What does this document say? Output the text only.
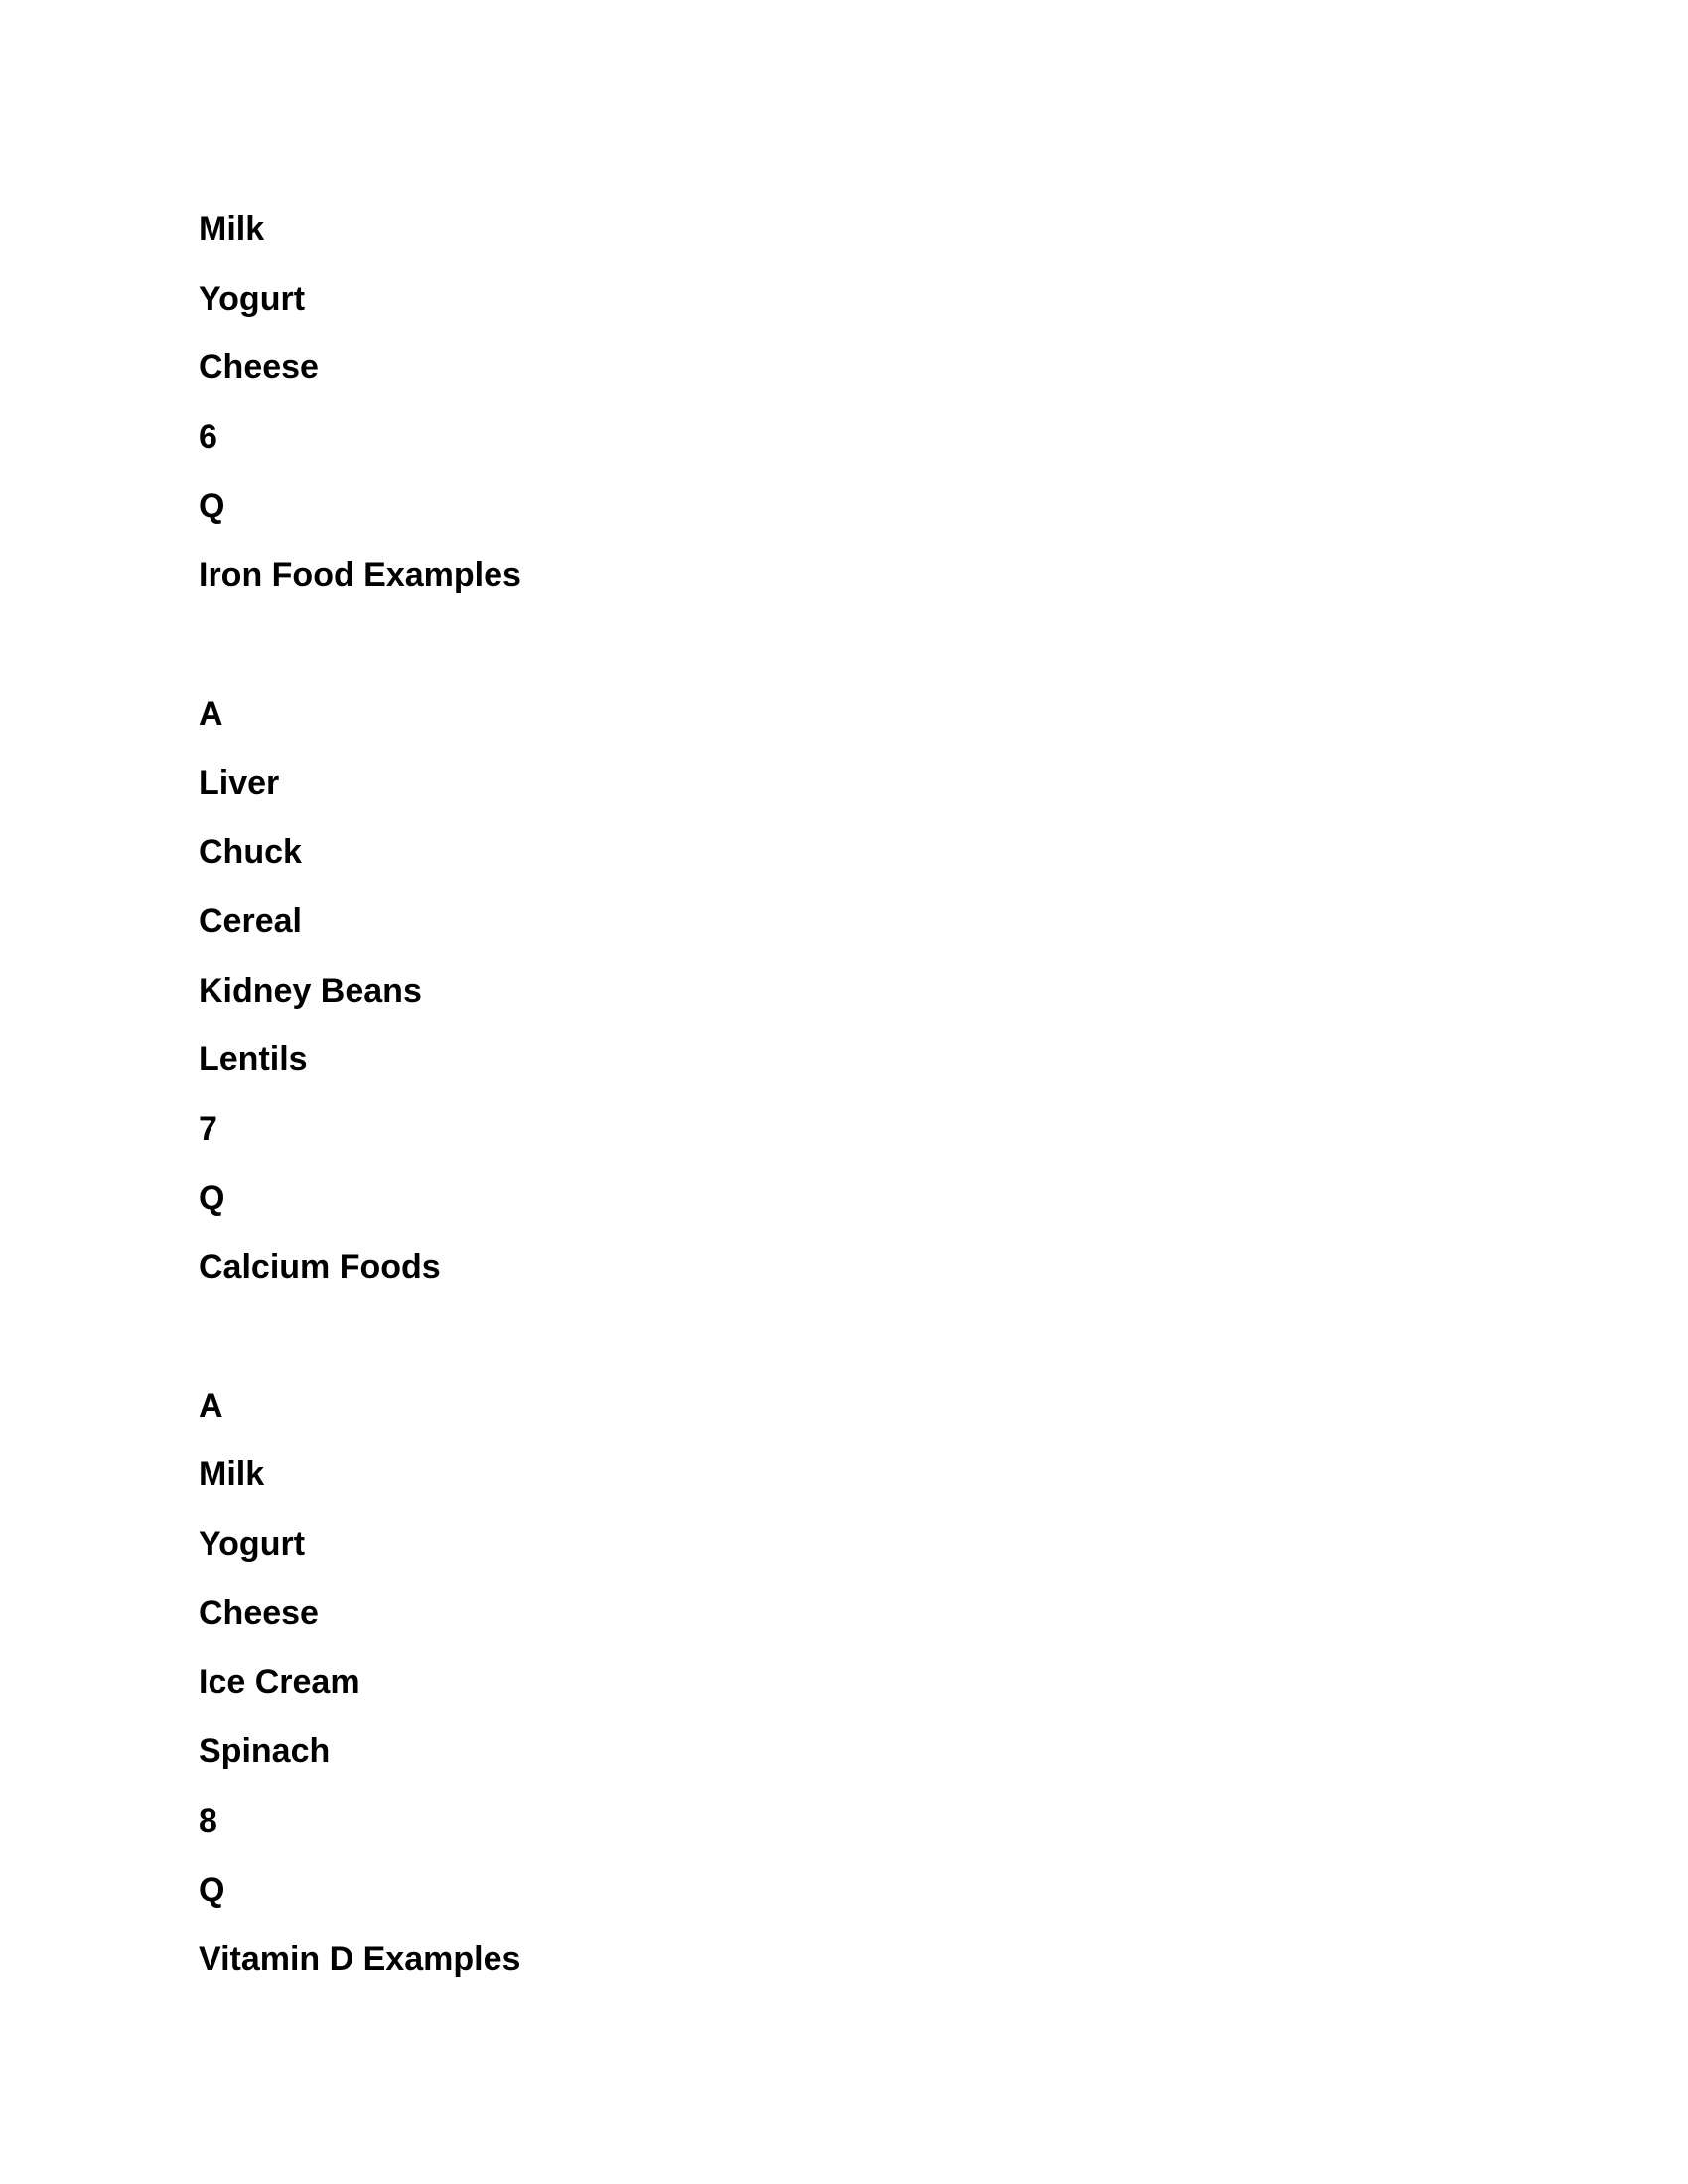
Milk
Yogurt
Cheese
6
Q
Iron Food Examples
A
Liver
Chuck
Cereal
Kidney Beans
Lentils
7
Q
Calcium Foods
A
Milk
Yogurt
Cheese
Ice Cream
Spinach
8
Q
Vitamin D Examples
